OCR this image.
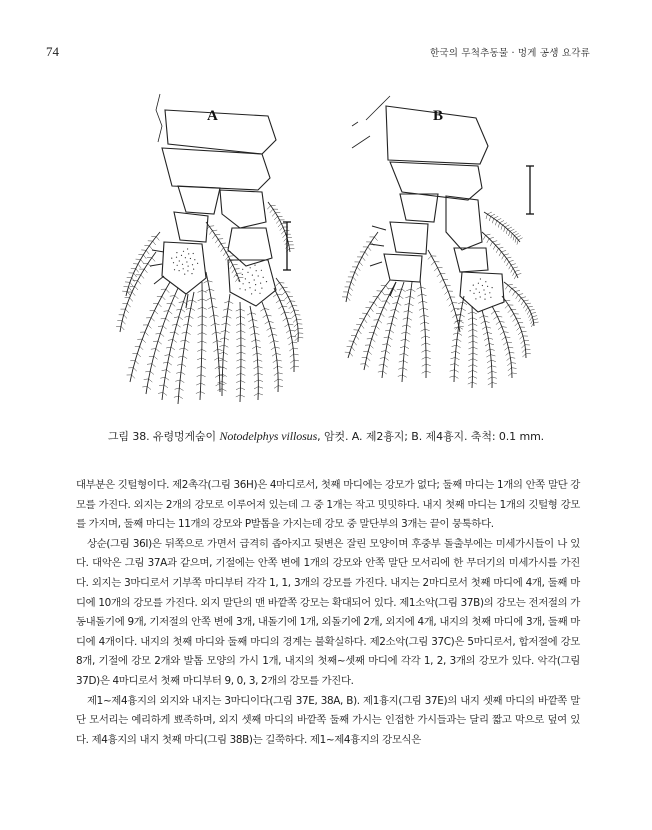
74	한국의 무척추동물 · 멍게 공생 요각류
A	B
그림 38. 유령멍게숨이 Notodelphys villosus, 암컷. A. 제2흉지; B. 제4흉지. 축척: 0.1 mm.

대부분은 깃털형이다. 제2촉각(그림 36H)은 4마디로서, 첫째 마디에는 강모가 없다; 둘째 마디는 1개의 안쪽 말단 강모를 가진다. 외지는 2개의 강모로 이루어져 있는데 그 중 1개는 작고 밋밋하다. 내지 첫째 마디는 1개의 깃털형 강모를 가지며, 둘째 마디는 11개의 강모와 P발톱을 가지는데 강모 중 말단부의 3개는 끝이 뭉툭하다.

상순(그림 36I)은 뒤쪽으로 가면서 급격히 좁아지고 뒷변은 잘린 모양이며 후중부 돌출부에는 미세가시들이 나 있다. 대악은 그림 37A과 같으며, 기절에는 안쪽 변에 1개의 강모와 안쪽 말단 모서리에 한 무더기의 미세가시를 가진다. 외지는 3마디로서 기부쪽 마디부터 각각 1, 1, 3개의 강모를 가진다. 내지는 2마디로서 첫째 마디에 4개, 둘째 마디에 10개의 강모를 가진다. 외지 말단의 맨 바깥쪽 강모는 확대되어 있다. 제1소악(그림 37B)의 강모는 전저절의 가동내돌기에 9개, 기저절의 안쪽 변에 3개, 내돌기에 1개, 외돌기에 2개, 외지에 4개, 내지의 첫째 마디에 3개, 둘째 마디에 4개이다. 내지의 첫째 마디와 둘째 마디의 경계는 불확실하다. 제2소악(그림 37C)은 5마디로서, 합저절에 강모 8개, 기절에 강모 2개와 발톱 모양의 가시 1개, 내지의 첫째~셋째 마디에 각각 1, 2, 3개의 강모가 있다. 악각(그림 37D)은 4마디로서 첫째 마디부터 9, 0, 3, 2개의 강모를 가진다.

제1~제4흉지의 외지와 내지는 3마디이다(그림 37E, 38A, B). 제1흉지(그림 37E)의 내지 셋째 마디의 바깥쪽 말단 모서리는 예리하게 뾰족하며, 외지 셋째 마디의 바깥쪽 둘째 가시는 인접한 가시들과는 달리 짧고 막으로 덮여 있다. 제4흉지의 내지 첫째 마디(그림 38B)는 길쭉하다. 제1~제4흉지의 강모식은
